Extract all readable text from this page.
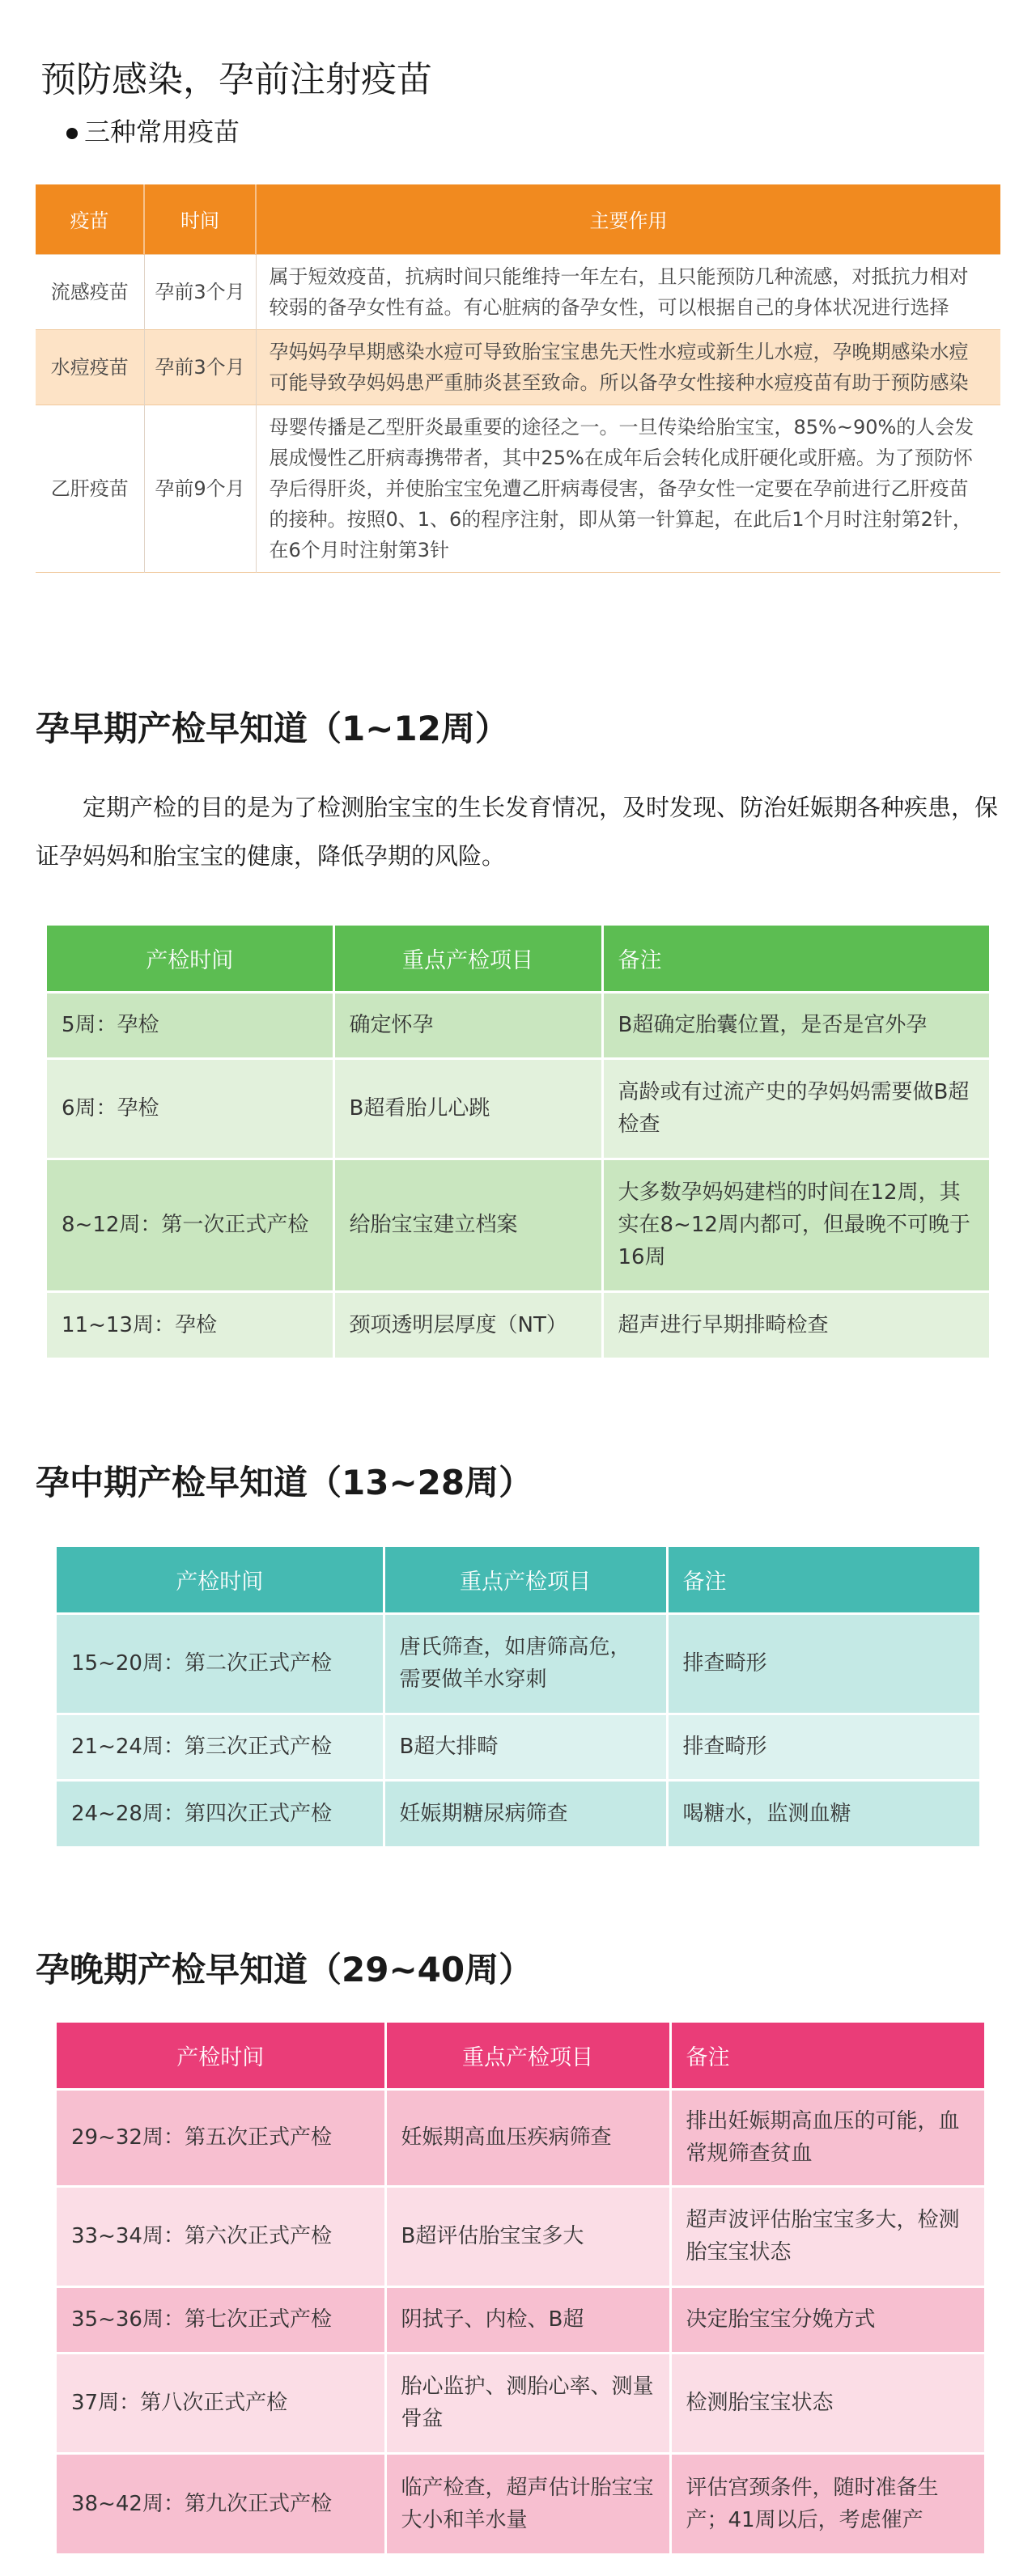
预防感染，孕前注射疫苗
三种常用疫苗
疫苗	时间	主要作用
流感疫苗	孕前3个月	属于短效疫苗，抗病时间只能维持一年左右，且只能预防几种流感，对抵抗力相对较弱的备孕女性有益。有心脏病的备孕女性，可以根据自己的身体状况进行选择
水痘疫苗	孕前3个月	孕妈妈孕早期感染水痘可导致胎宝宝患先天性水痘或新生儿水痘，孕晚期感染水痘可能导致孕妈妈患严重肺炎甚至致命。所以备孕女性接种水痘疫苗有助于预防感染
乙肝疫苗	孕前9个月	母婴传播是乙型肝炎最重要的途径之一。一旦传染给胎宝宝，85%~90%的人会发展成慢性乙肝病毒携带者，其中25%在成年后会转化成肝硬化或肝癌。为了预防怀孕后得肝炎，并使胎宝宝免遭乙肝病毒侵害，备孕女性一定要在孕前进行乙肝疫苗的接种。按照0、1、6的程序注射，即从第一针算起，在此后1个月时注射第2针，在6个月时注射第3针
孕早期产检早知道（1~12周）

定期产检的目的是为了检测胎宝宝的生长发育情况，及时发现、防治妊娠期各种疾患，保证孕妈妈和胎宝宝的健康，降低孕期的风险。

产检时间	重点产检项目	备注
5周：孕检	确定怀孕	B超确定胎囊位置，是否是宫外孕
6周：孕检	B超看胎儿心跳	高龄或有过流产史的孕妈妈需要做B超检查
8~12周：第一次正式产检	给胎宝宝建立档案	大多数孕妈妈建档的时间在12周，其实在8~12周内都可，但最晚不可晚于16周
11~13周：孕检	颈项透明层厚度（NT）	超声进行早期排畸检查
孕中期产检早知道（13~28周）
产检时间	重点产检项目	备注
15~20周：第二次正式产检	唐氏筛查，如唐筛高危，需要做羊水穿刺	排查畸形
21~24周：第三次正式产检	B超大排畸	排查畸形
24~28周：第四次正式产检	妊娠期糖尿病筛查	喝糖水，监测血糖
孕晚期产检早知道（29~40周）
产检时间	重点产检项目	备注
29~32周：第五次正式产检	妊娠期高血压疾病筛查	排出妊娠期高血压的可能，血常规筛查贫血
33~34周：第六次正式产检	B超评估胎宝宝多大	超声波评估胎宝宝多大，检测胎宝宝状态
35~36周：第七次正式产检	阴拭子、内检、B超	决定胎宝宝分娩方式
37周：第八次正式产检	胎心监护、测胎心率、测量骨盆	检测胎宝宝状态
38~42周：第九次正式产检	临产检查，超声估计胎宝宝大小和羊水量	评估宫颈条件，随时准备生产；41周以后，考虑催产
